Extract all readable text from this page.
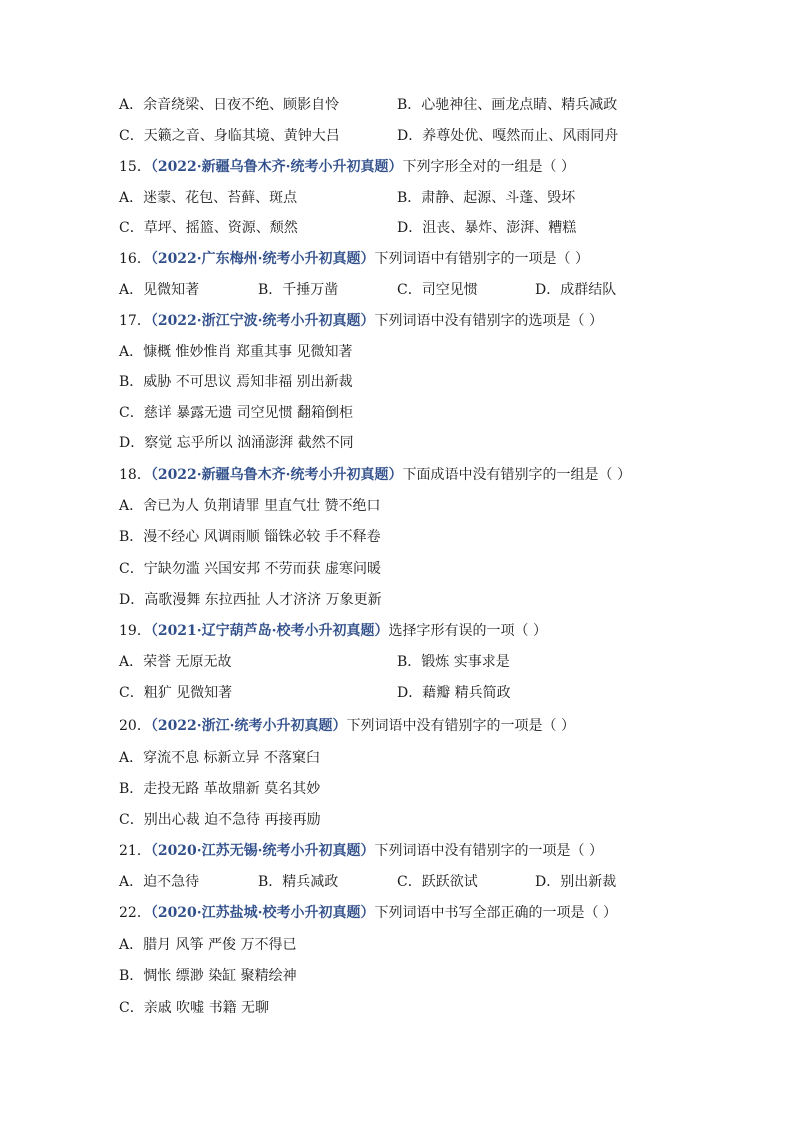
A．余音绕梁、日夜不绝、顾影自怜	B．心驰神往、画龙点睛、精兵减政
C．天籁之音、身临其境、黄钟大吕	D．养尊处优、嘎然而止、风雨同舟
15．（2022·新疆乌鲁木齐·统考小升初真题）下列字形全对的一组是（ ）
A．迷蒙、花包、苔藓、斑点	B．肃静、起源、斗蓬、毁坏
C．草坪、摇篮、资源、颓然	D．沮丧、暴炸、澎湃、糟糕
16．（2022·广东梅州·统考小升初真题）下列词语中有错别字的一项是（ ）
A．见微知著	B．千捶万凿	C．司空见惯	D．成群结队
17．（2022·浙江宁波·统考小升初真题）下列词语中没有错别字的选项是（ ）
A．慷概 惟妙惟肖 郑重其事 见微知著
B．威胁 不可思议 焉知非福 别出新裁
C．慈详 暴露无遗 司空见惯 翻箱倒柜
D．察觉 忘乎所以 汹涌澎湃 截然不同
18．（2022·新疆乌鲁木齐·统考小升初真题）下面成语中没有错别字的一组是（ ）
A．舍已为人 负荆请罪 里直气壮 赞不绝口
B．漫不经心 风调雨顺 锱铢必较 手不释卷
C．宁缺勿滥 兴国安邦 不劳而获 虚寒问暖
D．高歌漫舞 东拉西扯 人才济济 万象更新
19．（2021·辽宁葫芦岛·校考小升初真题）选择字形有误的一项（ ）
A．荣誉 无原无故	B．锻炼 实事求是
C．粗犷 见微知著	D．藉瓣 精兵简政
20．（2022·浙江·统考小升初真题）下列词语中没有错别字的一项是（ ）
A．穿流不息 标新立异 不落窠臼
B．走投无路 革故鼎新 莫名其妙
C．别出心裁 迫不急待 再接再励
21．（2020·江苏无锡·统考小升初真题）下列词语中没有错别字的一项是（ ）
A．迫不急待	B．精兵减政	C．跃跃欲试	D．别出新裁
22．（2020·江苏盐城·校考小升初真题）下列词语中书写全部正确的一项是（ ）
A．腊月 风筝 严俊 万不得已
B．惆怅 缥渺 染缸 聚精绘神
C．亲戚 吹嘘 书籍 无聊
